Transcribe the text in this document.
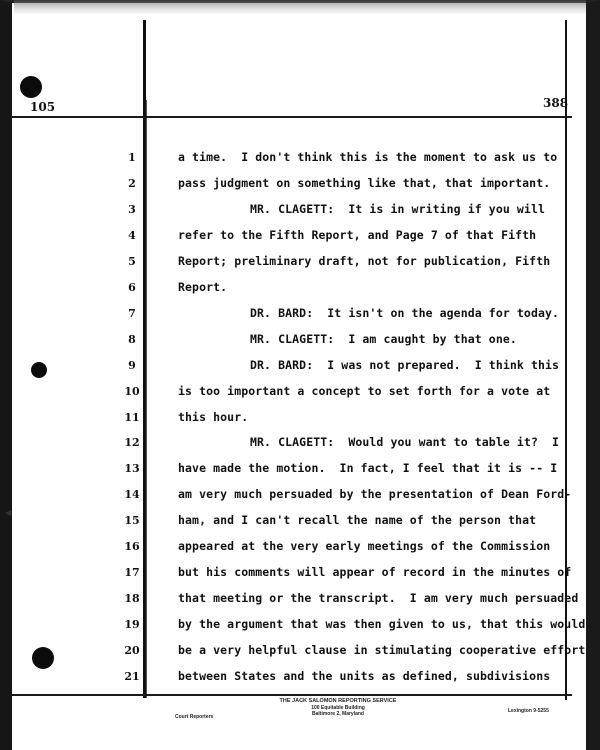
◀
105	388
1	a time.  I don't think this is the moment to ask us to
2	pass judgment on something like that, that important.
3	MR. CLAGETT:  It is in writing if you will
4	refer to the Fifth Report, and Page 7 of that Fifth
5	Report; preliminary draft, not for publication, Fifth
6	Report.
7	DR. BARD:  It isn't on the agenda for today.
8	MR. CLAGETT:  I am caught by that one.
9	DR. BARD:  I was not prepared.  I think this
10	is too important a concept to set forth for a vote at
11	this hour.
12	MR. CLAGETT:  Would you want to table it?  I
13	have made the motion.  In fact, I feel that it is -- I
14	am very much persuaded by the presentation of Dean Ford-
15	ham, and I can't recall the name of the person that
16	appeared at the very early meetings of the Commission
17	but his comments will appear of record in the minutes of
18	that meeting or the transcript.  I am very much persuaded
19	by the argument that was then given to us, that this would
20	be a very helpful clause in stimulating cooperative effort
21	between States and the units as defined, subdivisions
THE JACK SALOMON REPORTING SERVICE
100 Equitable Building
Baltimore 2, Maryland
Court Reporters
Lexington 9-5255
